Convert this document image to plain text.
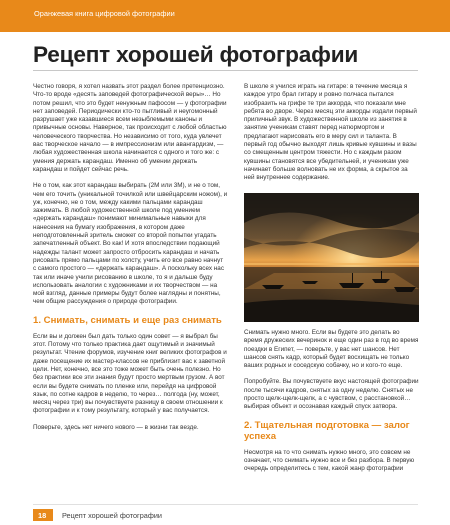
Оранжевая книга цифровой фотографии
Рецепт хорошей фотографии

Честно говоря, я хотел назвать этот раздел более претенциозно. Что-то вроде «десять заповедей фотографической веры»… Но потом решил, что это будет ненужным пафосом — у фотографии нет заповедей. Периодически кто-то пытливый и неугомонный разрушает уже казавшиеся всем незыблемыми каноны и привычные основы. Наверное, так происходит с любой областью человеческого творчества. Но независимо от того, куда увлечет вас творческое начало — в импрессионизм или авангардизм, — любая художественная школа начинается с одного и того же: с умения держать карандаш. Именно об умении держать карандаш и пойдет сейчас речь.

Не о том, как этот карандаш выбирать (2М или 3М), и не о том, чем его точить (уникальной точилкой или швейцарским ножом), и уж, конечно, не о том, между какими пальцами карандаш зажимать. В любой художественной школе под умением «держать карандаш» понимают минимальные навыки для нанесения на бумагу изображения, в котором даже неподготовленный зритель сможет со второй попытки угадать запечатленный объект. Во как! И хотя впоследствии подающий надежды талант может запросто отбросить карандаш и начать рисовать прямо пальцами по холсту, учить его все равно начнут с самого простого — «держать карандаш». А поскольку всех нас так или иначе учили рисованию в школе, то я и дальше буду использовать аналогии с художниками и их творчеством — на мой взгляд, данные примеры будут более наглядны и понятны, чем общие рассуждения о природе фотографии.

1. Снимать, снимать и еще раз снимать

Если вы и должен был дать только один совет — я выбрал бы этот. Потому что только практика дает ощутимый и значимый результат. Чтение форумов, изучение книг великих фотографов и даже посещение их мастер-классов не приблизит вас к заветной цели. Нет, конечно, все это тоже может быть очень полезно. Но без практики все эти знания будут просто мертвым грузом. А вот если вы будете снимать по пленке или, перейдя на цифровой язык, по сотне кадров в неделю, то через… полгода (ну, может, месяц через три) вы почувствуете разницу в своем отношении к фотографии и к тому результату, который у вас получается.

Поверьте, здесь нет ничего нового — в жизни так везде.

В школе я учился играть на гитаре: в течение месяца я каждое утро брал гитару и ровно полчаса пытался изобразить на грифе те три аккорда, что показали мне ребята во дворе. Через месяц эти аккорды издали первый приличный звук. В художественной школе из занятия в занятие ученикам ставят перед натюрмортом и предлагают нарисовать его в меру сил и таланта. В первый год обычно выходят лишь кривые кувшины и вазы со смещенным центром тяжести. Но с каждым разом кувшины становятся все убедительней, и ученикам уже начинает больше волновать не их форма, а скрытое за ней внутреннее содержание.

Снимать нужно много. Если вы будете это делать во время дружеских вечеринок и еще один раз в год во время поездки в Египет, — поверьте, у вас нет шансов. Нет шансов снять кадр, который будет восхищать не только ваших родных и соседскую собачку, но и кого-то еще.

Попробуйте. Вы почувствуете вкус настоящей фотографии после тысячи кадров, снятых за одну неделю. Снятых не просто щелк-щелк-щелк, а с чувством, с расстановкой… выбирая объект и осознавая каждый спуск затвора.

2. Тщательная подготовка — залог успеха

Несмотря на то что снимать нужно много, это совсем не означает, что снимать нужно все и без разбора. В первую очередь определитесь с тем, какой жанр фотографии

18 Рецепт хорошей фотографии
